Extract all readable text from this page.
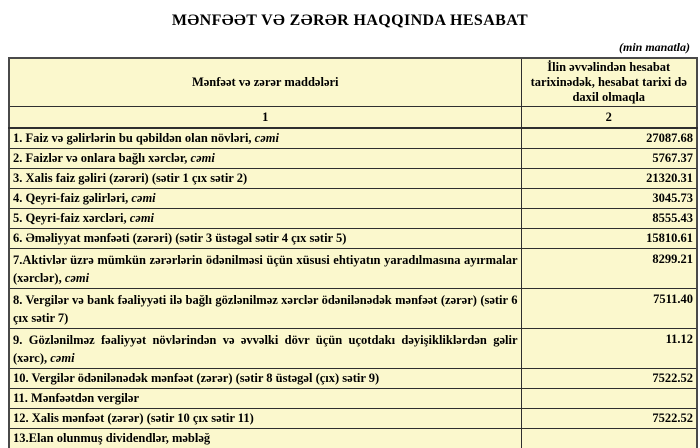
MƏNFƏƏT VƏ ZƏRƏR HAQQINDA HESABAT
(min manatla)
Mənfəət və zərər maddələri	İlin əvvəlindən hesabat tarixinədək, hesabat tarixi də daxil olmaqla
1	2
1. Faiz və gəlirlərin bu qəbildən olan növləri, cəmi	27087.68
2. Faizlər və onlara bağlı xərclər, cəmi	5767.37
3. Xalis faiz gəliri (zərəri) (sətir 1 çıx sətir 2)	21320.31
4. Qeyri-faiz gəlirləri, cəmi	3045.73
5. Qeyri-faiz xərcləri, cəmi	8555.43
6. Əməliyyat mənfəəti (zərəri) (sətir 3 üstəgəl sətir 4 çıx sətir 5)	15810.61
7.Aktivlər üzrə mümkün zərərlərin ödənilməsi üçün xüsusi ehtiyatın yaradılmasına ayırmalar (xərclər), cəmi	8299.21
8. Vergilər və bank fəaliyyəti ilə bağlı gözlənilməz xərclər ödənilənədək mənfəət (zərər) (sətir 6 çıx sətir 7)	7511.40
9. Gözlənilməz fəaliyyət növlərindən və əvvəlki dövr üçün uçotdakı dəyişikliklərdən gəlir (xərc), cəmi	11.12
10. Vergilər ödənilənədək mənfəət (zərər) (sətir 8 üstəgəl (çıx) sətir 9)	7522.52
11. Mənfəətdən vergilər	
12. Xalis mənfəət (zərər) (sətir 10 çıx sətir 11)	7522.52
13.Elan olunmuş dividendlər, məbləğ	
